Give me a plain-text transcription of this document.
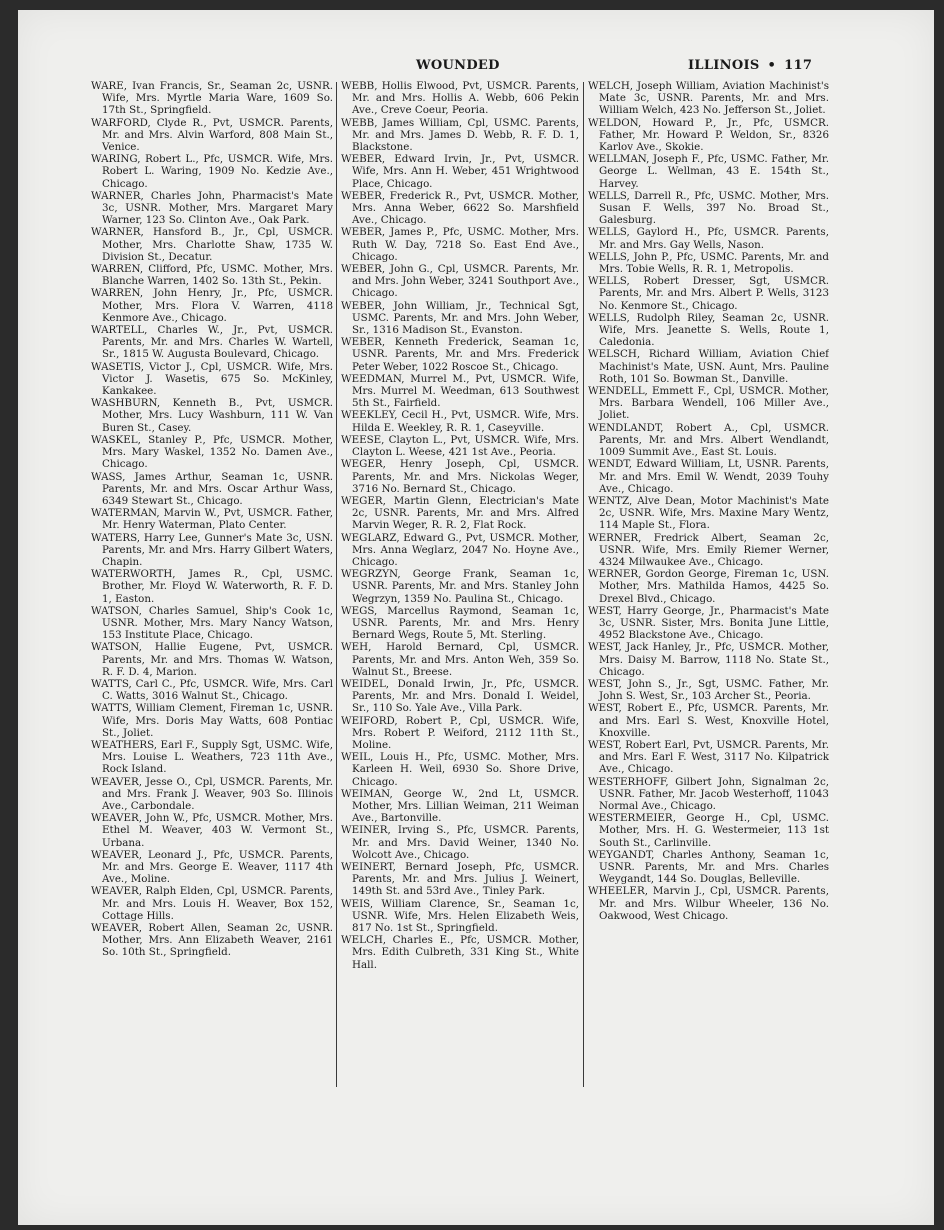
WOUNDED	ILLINOIS • 117

WARE, Ivan Francis, Sr., Seaman 2c, USNR. Wife, Mrs. Myrtle Maria Ware, 1609 So. 17th St., Springfield.

WARFORD, Clyde R., Pvt, USMCR. Parents, Mr. and Mrs. Alvin Warford, 808 Main St., Venice.

WARING, Robert L., Pfc, USMCR. Wife, Mrs. Robert L. Waring, 1909 No. Kedzie Ave., Chicago.

WARNER, Charles John, Pharmacist's Mate 3c, USNR. Mother, Mrs. Margaret Mary Warner, 123 So. Clinton Ave., Oak Park.

WARNER, Hansford B., Jr., Cpl, USMCR. Mother, Mrs. Charlotte Shaw, 1735 W. Division St., Decatur.

WARREN, Clifford, Pfc, USMC. Mother, Mrs. Blanche Warren, 1402 So. 13th St., Pekin.

WARREN, John Henry, Jr., Pfc, USMCR. Mother, Mrs. Flora V. Warren, 4118 Kenmore Ave., Chicago.

WARTELL, Charles W., Jr., Pvt, USMCR. Parents, Mr. and Mrs. Charles W. Wartell, Sr., 1815 W. Augusta Boulevard, Chicago.

WASETIS, Victor J., Cpl, USMCR. Wife, Mrs. Victor J. Wasetis, 675 So. McKinley, Kankakee.

WASHBURN, Kenneth B., Pvt, USMCR. Mother, Mrs. Lucy Washburn, 111 W. Van Buren St., Casey.

WASKEL, Stanley P., Pfc, USMCR. Mother, Mrs. Mary Waskel, 1352 No. Damen Ave., Chicago.

WASS, James Arthur, Seaman 1c, USNR. Parents, Mr. and Mrs. Oscar Arthur Wass, 6349 Stewart St., Chicago.

WATERMAN, Marvin W., Pvt, USMCR. Father, Mr. Henry Waterman, Plato Center.

WATERS, Harry Lee, Gunner's Mate 3c, USN. Parents, Mr. and Mrs. Harry Gilbert Waters, Chapin.

WATERWORTH, James R., Cpl, USMC. Brother, Mr. Floyd W. Waterworth, R. F. D. 1, Easton.

WATSON, Charles Samuel, Ship's Cook 1c, USNR. Mother, Mrs. Mary Nancy Watson, 153 Institute Place, Chicago.

WATSON, Hallie Eugene, Pvt, USMCR. Parents, Mr. and Mrs. Thomas W. Watson, R. F. D. 4, Marion.

WATTS, Carl C., Pfc, USMCR. Wife, Mrs. Carl C. Watts, 3016 Walnut St., Chicago.

WATTS, William Clement, Fireman 1c, USNR. Wife, Mrs. Doris May Watts, 608 Pontiac St., Joliet.

WEATHERS, Earl F., Supply Sgt, USMC. Wife, Mrs. Louise L. Weathers, 723 11th Ave., Rock Island.

WEAVER, Jesse O., Cpl, USMCR. Parents, Mr. and Mrs. Frank J. Weaver, 903 So. Illinois Ave., Carbondale.

WEAVER, John W., Pfc, USMCR. Mother, Mrs. Ethel M. Weaver, 403 W. Vermont St., Urbana.

WEAVER, Leonard J., Pfc, USMCR. Parents, Mr. and Mrs. George E. Weaver, 1117 4th Ave., Moline.

WEAVER, Ralph Elden, Cpl, USMCR. Parents, Mr. and Mrs. Louis H. Weaver, Box 152, Cottage Hills.

WEAVER, Robert Allen, Seaman 2c, USNR. Mother, Mrs. Ann Elizabeth Weaver, 2161 So. 10th St., Springfield.

WEBB, Hollis Elwood, Pvt, USMCR. Parents, Mr. and Mrs. Hollis A. Webb, 606 Pekin Ave., Creve Coeur, Peoria.

WEBB, James William, Cpl, USMC. Parents, Mr. and Mrs. James D. Webb, R. F. D. 1, Blackstone.

WEBER, Edward Irvin, Jr., Pvt, USMCR. Wife, Mrs. Ann H. Weber, 451 Wrightwood Place, Chicago.

WEBER, Frederick R., Pvt, USMCR. Mother, Mrs. Anna Weber, 6622 So. Marshfield Ave., Chicago.

WEBER, James P., Pfc, USMC. Mother, Mrs. Ruth W. Day, 7218 So. East End Ave., Chicago.

WEBER, John G., Cpl, USMCR. Parents, Mr. and Mrs. John Weber, 3241 Southport Ave., Chicago.

WEBER, John William, Jr., Technical Sgt, USMC. Parents, Mr. and Mrs. John Weber, Sr., 1316 Madison St., Evanston.

WEBER, Kenneth Frederick, Seaman 1c, USNR. Parents, Mr. and Mrs. Frederick Peter Weber, 1022 Roscoe St., Chicago.

WEEDMAN, Murrel M., Pvt, USMCR. Wife, Mrs. Murrel M. Weedman, 613 Southwest 5th St., Fairfield.

WEEKLEY, Cecil H., Pvt, USMCR. Wife, Mrs. Hilda E. Weekley, R. R. 1, Caseyville.

WEESE, Clayton L., Pvt, USMCR. Wife, Mrs. Clayton L. Weese, 421 1st Ave., Peoria.

WEGER, Henry Joseph, Cpl, USMCR. Parents, Mr. and Mrs. Nickolas Weger, 3716 No. Bernard St., Chicago.

WEGER, Martin Glenn, Electrician's Mate 2c, USNR. Parents, Mr. and Mrs. Alfred Marvin Weger, R. R. 2, Flat Rock.

WEGLARZ, Edward G., Pvt, USMCR. Mother, Mrs. Anna Weglarz, 2047 No. Hoyne Ave., Chicago.

WEGRZYN, George Frank, Seaman 1c, USNR. Parents, Mr. and Mrs. Stanley John Wegrzyn, 1359 No. Paulina St., Chicago.

WEGS, Marcellus Raymond, Seaman 1c, USNR. Parents, Mr. and Mrs. Henry Bernard Wegs, Route 5, Mt. Sterling.

WEH, Harold Bernard, Cpl, USMCR. Parents, Mr. and Mrs. Anton Weh, 359 So. Walnut St., Breese.

WEIDEL, Donald Irwin, Jr., Pfc, USMCR. Parents, Mr. and Mrs. Donald I. Weidel, Sr., 110 So. Yale Ave., Villa Park.

WEIFORD, Robert P., Cpl, USMCR. Wife, Mrs. Robert P. Weiford, 2112 11th St., Moline.

WEIL, Louis H., Pfc, USMC. Mother, Mrs. Karleen H. Weil, 6930 So. Shore Drive, Chicago.

WEIMAN, George W., 2nd Lt, USMCR. Mother, Mrs. Lillian Weiman, 211 Weiman Ave., Bartonville.

WEINER, Irving S., Pfc, USMCR. Parents, Mr. and Mrs. David Weiner, 1340 No. Wolcott Ave., Chicago.

WEINERT, Bernard Joseph, Pfc, USMCR. Parents, Mr. and Mrs. Julius J. Weinert, 149th St. and 53rd Ave., Tinley Park.

WEIS, William Clarence, Sr., Seaman 1c, USNR. Wife, Mrs. Helen Elizabeth Weis, 817 No. 1st St., Springfield.

WELCH, Charles E., Pfc, USMCR. Mother, Mrs. Edith Culbreth, 331 King St., White Hall.

WELCH, Joseph William, Aviation Machinist's Mate 3c, USNR. Parents, Mr. and Mrs. William Welch, 423 No. Jefferson St., Joliet.

WELDON, Howard P., Jr., Pfc, USMCR. Father, Mr. Howard P. Weldon, Sr., 8326 Karlov Ave., Skokie.

WELLMAN, Joseph F., Pfc, USMC. Father, Mr. George L. Wellman, 43 E. 154th St., Harvey.

WELLS, Darrell R., Pfc, USMC. Mother, Mrs. Susan F. Wells, 397 No. Broad St., Galesburg.

WELLS, Gaylord H., Pfc, USMCR. Parents, Mr. and Mrs. Gay Wells, Nason.

WELLS, John P., Pfc, USMC. Parents, Mr. and Mrs. Tobie Wells, R. R. 1, Metropolis.

WELLS, Robert Dresser, Sgt, USMCR. Parents, Mr. and Mrs. Albert P. Wells, 3123 No. Kenmore St., Chicago.

WELLS, Rudolph Riley, Seaman 2c, USNR. Wife, Mrs. Jeanette S. Wells, Route 1, Caledonia.

WELSCH, Richard William, Aviation Chief Machinist's Mate, USN. Aunt, Mrs. Pauline Roth, 101 So. Bowman St., Danville.

WENDELL, Emmett F., Cpl, USMCR. Mother, Mrs. Barbara Wendell, 106 Miller Ave., Joliet.

WENDLANDT, Robert A., Cpl, USMCR. Parents, Mr. and Mrs. Albert Wendlandt, 1009 Summit Ave., East St. Louis.

WENDT, Edward William, Lt, USNR. Parents, Mr. and Mrs. Emil W. Wendt, 2039 Touhy Ave., Chicago.

WENTZ, Alve Dean, Motor Machinist's Mate 2c, USNR. Wife, Mrs. Maxine Mary Wentz, 114 Maple St., Flora.

WERNER, Fredrick Albert, Seaman 2c, USNR. Wife, Mrs. Emily Riemer Werner, 4324 Milwaukee Ave., Chicago.

WERNER, Gordon George, Fireman 1c, USN. Mother, Mrs. Mathilda Hamos, 4425 So. Drexel Blvd., Chicago.

WEST, Harry George, Jr., Pharmacist's Mate 3c, USNR. Sister, Mrs. Bonita June Little, 4952 Blackstone Ave., Chicago.

WEST, Jack Hanley, Jr., Pfc, USMCR. Mother, Mrs. Daisy M. Barrow, 1118 No. State St., Chicago.

WEST, John S., Jr., Sgt, USMC. Father, Mr. John S. West, Sr., 103 Archer St., Peoria.

WEST, Robert E., Pfc, USMCR. Parents, Mr. and Mrs. Earl S. West, Knoxville Hotel, Knoxville.

WEST, Robert Earl, Pvt, USMCR. Parents, Mr. and Mrs. Earl F. West, 3117 No. Kilpatrick Ave., Chicago.

WESTERHOFF, Gilbert John, Signalman 2c, USNR. Father, Mr. Jacob Westerhoff, 11043 Normal Ave., Chicago.

WESTERMEIER, George H., Cpl, USMC. Mother, Mrs. H. G. Westermeier, 113 1st South St., Carlinville.

WEYGANDT, Charles Anthony, Seaman 1c, USNR. Parents, Mr. and Mrs. Charles Weygandt, 144 So. Douglas, Belleville.

WHEELER, Marvin J., Cpl, USMCR. Parents, Mr. and Mrs. Wilbur Wheeler, 136 No. Oakwood, West Chicago.
